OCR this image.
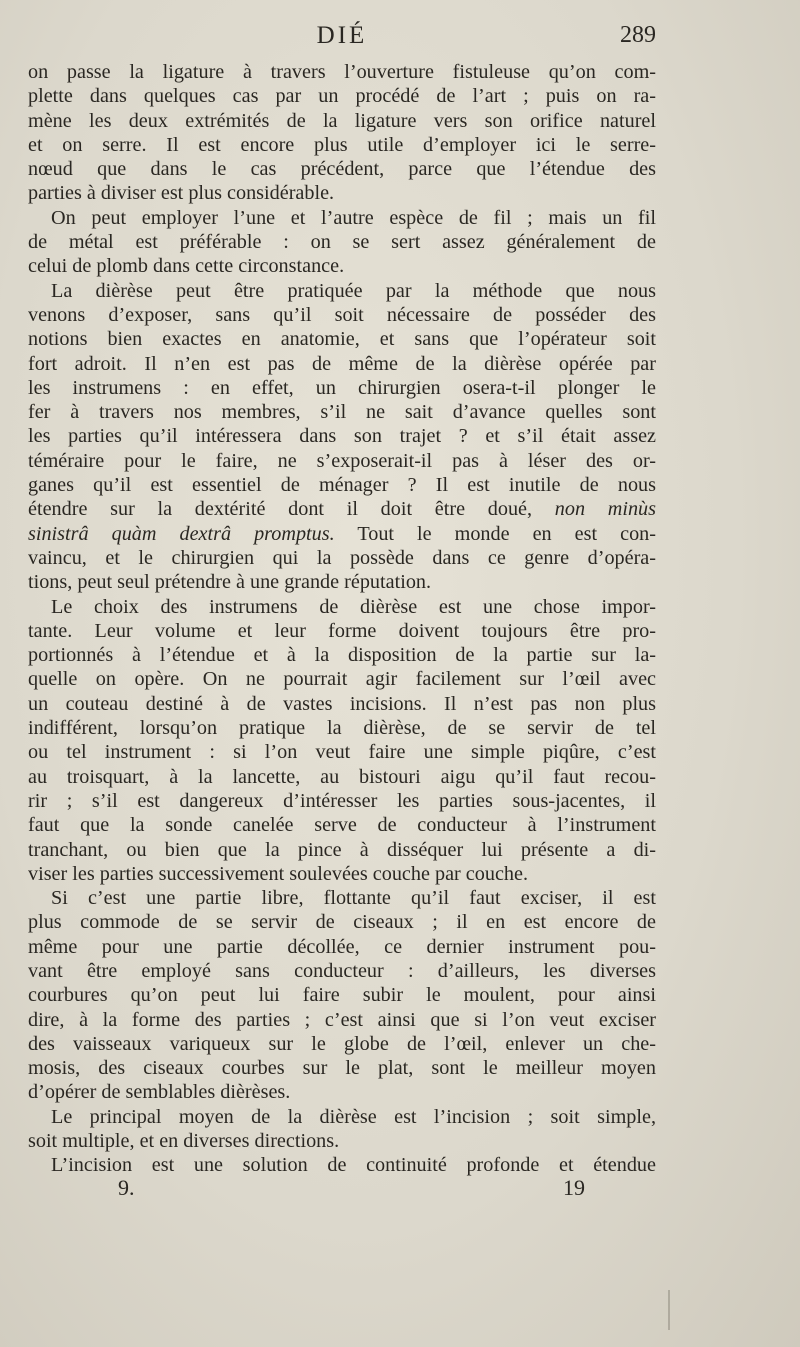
DIÉ	289

on passe la ligature à travers l’ouverture fistuleuse qu’on com-
plette dans quelques cas par un procédé de l’art ; puis on ra-
mène les deux extrémités de la ligature vers son orifice naturel
et on serre. Il est encore plus utile d’employer ici le serre-
nœud que dans le cas précédent, parce que l’étendue des
parties à diviser est plus considérable.

On peut employer l’une et l’autre espèce de fil ; mais un fil
de métal est préférable : on se sert assez généralement de
celui de plomb dans cette circonstance.

La dièrèse peut être pratiquée par la méthode que nous
venons d’exposer, sans qu’il soit nécessaire de posséder des
notions bien exactes en anatomie, et sans que l’opérateur soit
fort adroit. Il n’en est pas de même de la dièrèse opérée par
les instrumens : en effet, un chirurgien osera-t-il plonger le
fer à travers nos membres, s’il ne sait d’avance quelles sont
les parties qu’il intéressera dans son trajet ? et s’il était assez
téméraire pour le faire, ne s’exposerait-il pas à léser des or-
ganes qu’il est essentiel de ménager ? Il est inutile de nous
étendre sur la dextérité dont il doit être doué, non minùs
sinistrâ quàm dextrâ promptus. Tout le monde en est con-
vaincu, et le chirurgien qui la possède dans ce genre d’opéra-
tions, peut seul prétendre à une grande réputation.

Le choix des instrumens de dièrèse est une chose impor-
tante. Leur volume et leur forme doivent toujours être pro-
portionnés à l’étendue et à la disposition de la partie sur la-
quelle on opère. On ne pourrait agir facilement sur l’œil avec
un couteau destiné à de vastes incisions. Il n’est pas non plus
indifférent, lorsqu’on pratique la dièrèse, de se servir de tel
ou tel instrument : si l’on veut faire une simple piqûre, c’est
au troisquart, à la lancette, au bistouri aigu qu’il faut recou-
rir ; s’il est dangereux d’intéresser les parties sous-jacentes, il
faut que la sonde canelée serve de conducteur à l’instrument
tranchant, ou bien que la pince à disséquer lui présente a di-
viser les parties successivement soulevées couche par couche.

Si c’est une partie libre, flottante qu’il faut exciser, il est
plus commode de se servir de ciseaux ; il en est encore de
même pour une partie décollée, ce dernier instrument pou-
vant être employé sans conducteur : d’ailleurs, les diverses
courbures qu’on peut lui faire subir le moulent, pour ainsi
dire, à la forme des parties ; c’est ainsi que si l’on veut exciser
des vaisseaux variqueux sur le globe de l’œil, enlever un che-
mosis, des ciseaux courbes sur le plat, sont le meilleur moyen
d’opérer de semblables dièrèses.

Le principal moyen de la dièrèse est l’incision ; soit simple,
soit multiple, et en diverses directions.

L’incision est une solution de continuité profonde et étendue

9.	19
